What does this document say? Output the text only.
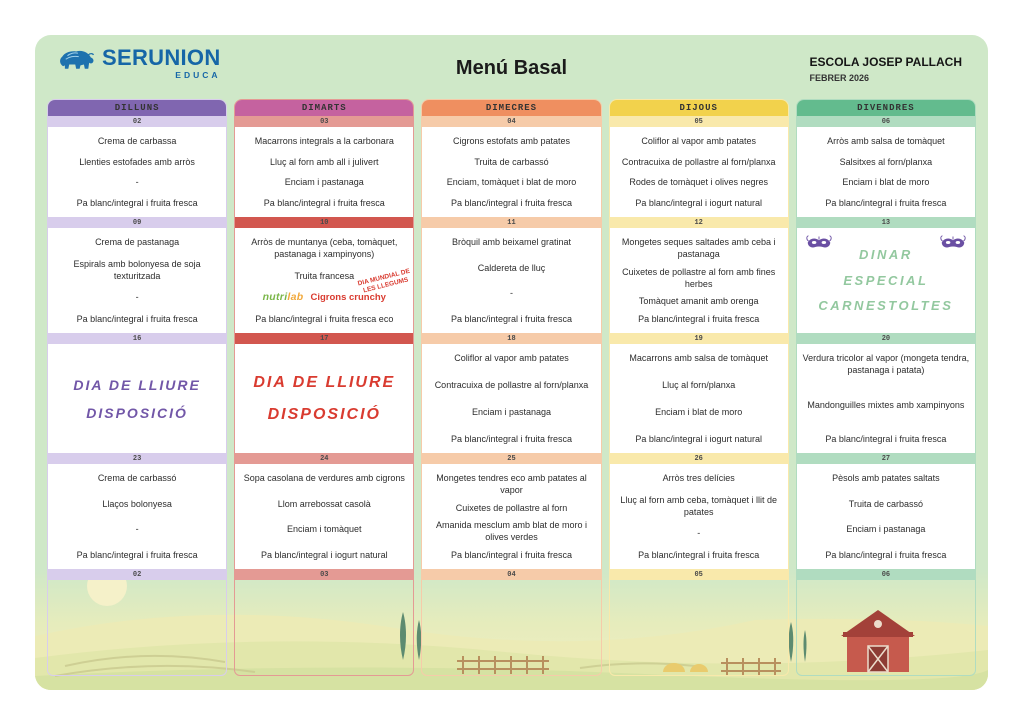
SERUNION
EDUCA	Menú Basal	ESCOLA JOSEP PALLACH
FEBRER 2026
DILLUNS
02
Crema de carbassa
Llenties estofades amb arròs
-
Pa blanc/integral i fruita fresca
09
Crema de pastanaga
Espirals amb bolonyesa de soja texturitzada
-
Pa blanc/integral i fruita fresca
16
DIA DE LLIURE
DISPOSICIÓ
23
Crema de carbassó
Llaços bolonyesa
-
Pa blanc/integral i fruita fresca
02
DIMARTS
03
Macarrons integrals a la carbonara
Lluç al forn amb all i julivert
Enciam i pastanaga
Pa blanc/integral i fruita fresca
10
Arròs de muntanya (ceba, tomàquet, pastanaga i xampinyons)
Truita francesa
nutrilab Cigrons crunchy
DIA MUNDIAL DE LES LLEGUMS
Pa blanc/integral i fruita fresca eco
17
DIA DE LLIURE
DISPOSICIÓ
24
Sopa casolana de verdures amb cigrons
Llom arrebossat casolà
Enciam i tomàquet
Pa blanc/integral i iogurt natural
03
DIMECRES
04
Cigrons estofats amb patates
Truita de carbassó
Enciam, tomàquet i blat de moro
Pa blanc/integral i fruita fresca
11
Bròquil amb beixamel gratinat
Caldereta de lluç
-
Pa blanc/integral i fruita fresca
18
Coliflor al vapor amb patates
Contracuixa de pollastre al forn/planxa
Enciam i pastanaga
Pa blanc/integral i fruita fresca
25
Mongetes tendres eco amb patates al vapor
Cuixetes de pollastre al forn
Amanida mesclum amb blat de moro i olives verdes
Pa blanc/integral i fruita fresca
04
DIJOUS
05
Coliflor al vapor amb patates
Contracuixa de pollastre al forn/planxa
Rodes de tomàquet i olives negres
Pa blanc/integral i iogurt natural
12
Mongetes seques saltades amb ceba i pastanaga
Cuixetes de pollastre al forn amb fines herbes
Tomàquet amanit amb orenga
Pa blanc/integral i fruita fresca
19
Macarrons amb salsa de tomàquet
Lluç al forn/planxa
Enciam i blat de moro
Pa blanc/integral i iogurt natural
26
Arròs tres delícies
Lluç al forn amb ceba, tomàquet i llit de patates
-
Pa blanc/integral i fruita fresca
05
DIVENDRES
06
Arròs amb salsa de tomàquet
Salsitxes al forn/planxa
Enciam i blat de moro
Pa blanc/integral i fruita fresca
13
DINAR
ESPECIAL
CARNESTOLTES
20
Verdura tricolor al vapor (mongeta tendra, pastanaga i patata)
Mandonguilles mixtes amb xampinyons
Pa blanc/integral i fruita fresca
27
Pèsols amb patates saltats
Truita de carbassó
Enciam i pastanaga
Pa blanc/integral i fruita fresca
06
